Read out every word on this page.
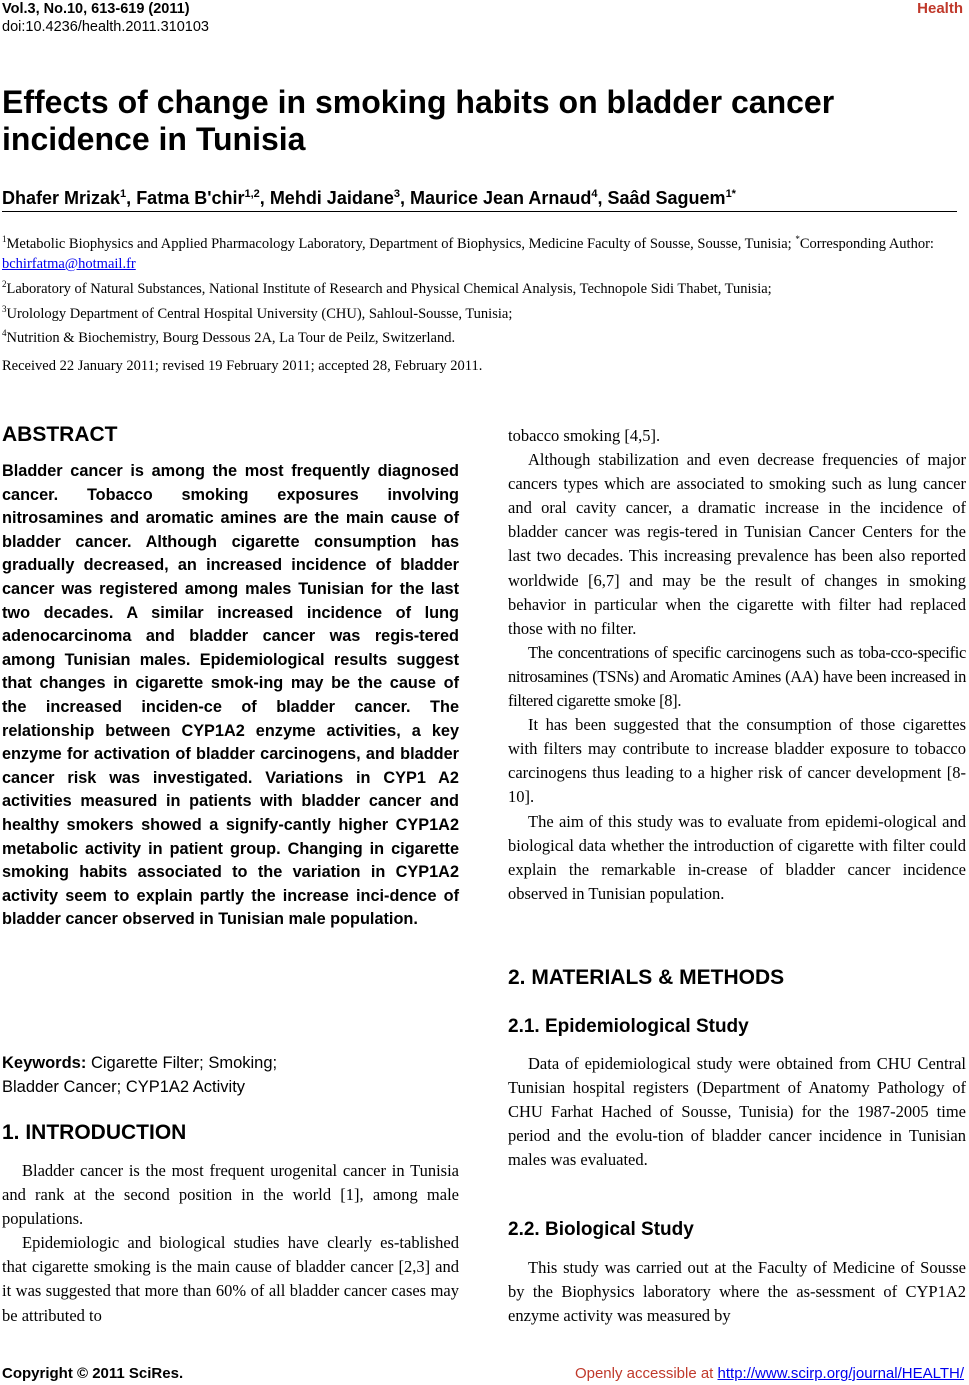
Vol.3, No.10, 613-619 (2011)
doi:10.4236/health.2011.310103
Health
Effects of change in smoking habits on bladder cancer incidence in Tunisia
Dhafer Mrizak$^1$, Fatma B'chir$^{1,2}$, Mehdi Jaidane$^3$, Maurice Jean Arnaud$^4$, Saâd Saguem$^{1*}$
$^1$Metabolic Biophysics and Applied Pharmacology Laboratory, Department of Biophysics, Medicine Faculty of Sousse, Sousse, Tunisia; *Corresponding Author: bchirfatma@hotmail.fr
$^2$Laboratory of Natural Substances, National Institute of Research and Physical Chemical Analysis, Technopole Sidi Thabet, Tunisia;
$^3$Urolology Department of Central Hospital University (CHU), Sahloul-Sousse, Tunisia;
$^4$Nutrition & Biochemistry, Bourg Dessous 2A, La Tour de Peilz, Switzerland.
Received 22 January 2011; revised 19 February 2011; accepted 28, February 2011.
ABSTRACT
Bladder cancer is among the most frequently diagnosed cancer. Tobacco smoking exposures involving nitrosamines and aromatic amines are the main cause of bladder cancer. Although cigarette consumption has gradually decreased, an increased incidence of bladder cancer was registered among males Tunisian for the last two decades. A similar increased incidence of lung adenocarcinoma and bladder cancer was regis-tered among Tunisian males. Epidemiological results suggest that changes in cigarette smok-ing may be the cause of the increased inciden-ce of bladder cancer. The relationship between CYP1A2 enzyme activities, a key enzyme for activation of bladder carcinogens, and bladder cancer risk was investigated. Variations in CYP1 A2 activities measured in patients with bladder cancer and healthy smokers showed a signify-cantly higher CYP1A2 metabolic activity in patient group. Changing in cigarette smoking habits associated to the variation in CYP1A2 activity seem to explain partly the increase inci-dence of bladder cancer observed in Tunisian male population.
Keywords: Cigarette Filter; Smoking;
Bladder Cancer; CYP1A2 Activity
1. INTRODUCTION

Bladder cancer is the most frequent urogenital cancer in Tunisia and rank at the second position in the world [1], among male populations.

Epidemiologic and biological studies have clearly es-tablished that cigarette smoking is the main cause of bladder cancer [2,3] and it was suggested that more than 60% of all bladder cancer cases may be attributed to

tobacco smoking [4,5].

Although stabilization and even decrease frequencies of major cancers types which are associated to smoking such as lung cancer and oral cavity cancer, a dramatic increase in the incidence of bladder cancer was regis-tered in Tunisian Cancer Centers for the last two decades. This increasing prevalence has been also reported worldwide [6,7] and may be the result of changes in smoking behavior in particular when the cigarette with filter had replaced those with no filter.

The concentrations of specific carcinogens such as toba-cco-specific nitrosamines (TSNs) and Aromatic Amines (AA) have been increased in filtered cigarette smoke [8].

It has been suggested that the consumption of those cigarettes with filters may contribute to increase bladder exposure to tobacco carcinogens thus leading to a higher risk of cancer development [8-10].

The aim of this study was to evaluate from epidemi-ological and biological data whether the introduction of cigarette with filter could explain the remarkable in-crease of bladder cancer incidence observed in Tunisian population.

2. MATERIALS & METHODS
2.1. Epidemiological Study

Data of epidemiological study were obtained from CHU Central Tunisian hospital registers (Department of Anatomy Pathology of CHU Farhat Hached of Sousse, Tunisia) for the 1987-2005 time period and the evolu-tion of bladder cancer incidence in Tunisian males was evaluated.

2.2. Biological Study

This study was carried out at the Faculty of Medicine of Sousse by the Biophysics laboratory where the as-sessment of CYP1A2 enzyme activity was measured by

Copyright © 2011 SciRes.	Openly accessible at http://www.scirp.org/journal/HEALTH/
